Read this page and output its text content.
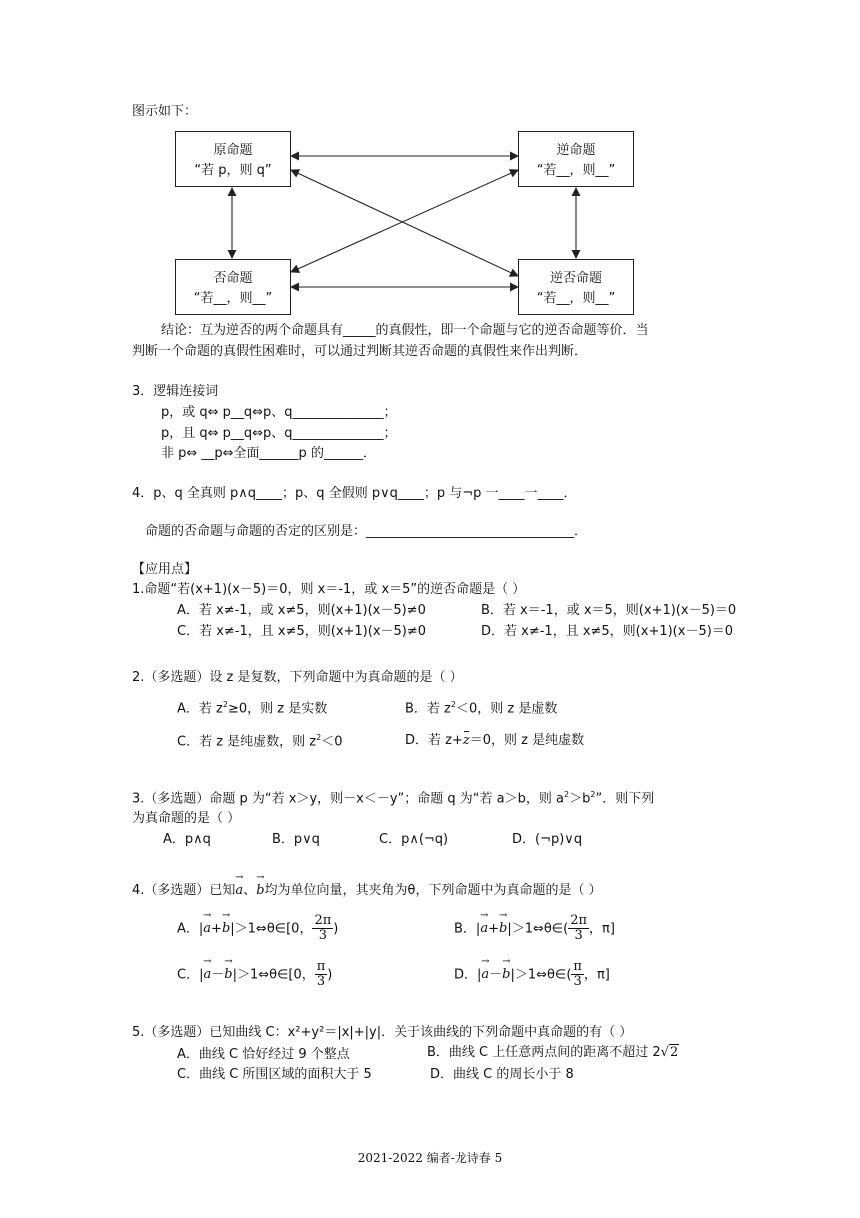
图示如下：
原命题
“若 p，则 q”
逆命题
“若__，则__”
否命题
“若__，则__”
逆否命题
“若__，则__”
结论：互为逆否的两个命题具有_____的真假性，即一个命题与它的逆否命题等价．当
判断一个命题的真假性困难时，可以通过判断其逆否命题的真假性来作出判断．
3．逻辑连接词
p，或 q⇔ p__q⇔p、q______________；
p，且 q⇔ p__q⇔p、q______________；
非 p⇔ __p⇔全面______p 的______．
4．p、q 全真则 p∧q____；p、q 全假则 p∨q____；p 与¬p 一____一____．
命题的否命题与命题的否定的区别是：________________________________．
【应用点】
1.命题“若(x+1)(x－5)＝0，则 x＝-1，或 x＝5”的逆否命题是（ ）
A．若 x≠-1，或 x≠5，则(x+1)(x－5)≠0	B．若 x＝-1，或 x＝5，则(x+1)(x－5)＝0
C．若 x≠-1，且 x≠5，则(x+1)(x－5)≠0	D．若 x≠-1，且 x≠5，则(x+1)(x－5)＝0
2.（多选题）设 z 是复数，下列命题中为真命题的是（ ）
A．若 $z^2\ge 0$，则 z 是实数	B．若 $z^2<0$，则 z 是虚数
C．若 z 是纯虚数，则 $z^2<0$	D．若 z+z＝0，则 z 是纯虚数
3.（多选题）命题 p 为“若 x＞y，则－x＜－y”；命题 q 为“若 a＞b，则 $a^2>b^2$”．则下列
为真命题的是（ ）
A．p∧q	B．p∨q	C．p∧(¬q)	D．(¬p)∨q
4.（多选题）已知→ a、→ b均为单位向量，其夹角为θ，下列命题中为真命题的是（ ）
A．|→ a+→ b|＞1⇔θ∈[0， $\frac{2\pi}{3}$ )	B．|→ a+→ b|＞1⇔θ∈( $\frac{2\pi}{3}$ ，π]
C．|→ a－→ b|＞1⇔θ∈[0， $\frac{\pi}{3}$ )	D．|→ a－→ b|＞1⇔θ∈( $\frac{\pi}{3}$ ，π]
5.（多选题）已知曲线 C：x²+y²＝|x|+|y|．关于该曲线的下列命题中真命题的有（ ）
A．曲线 C 恰好经过 9 个整点	B．曲线 C 上任意两点间的距离不超过 2√2
C．曲线 C 所围区域的面积大于 5	D．曲线 C 的周长小于 8
2021-2022 编者-龙诗春 5
